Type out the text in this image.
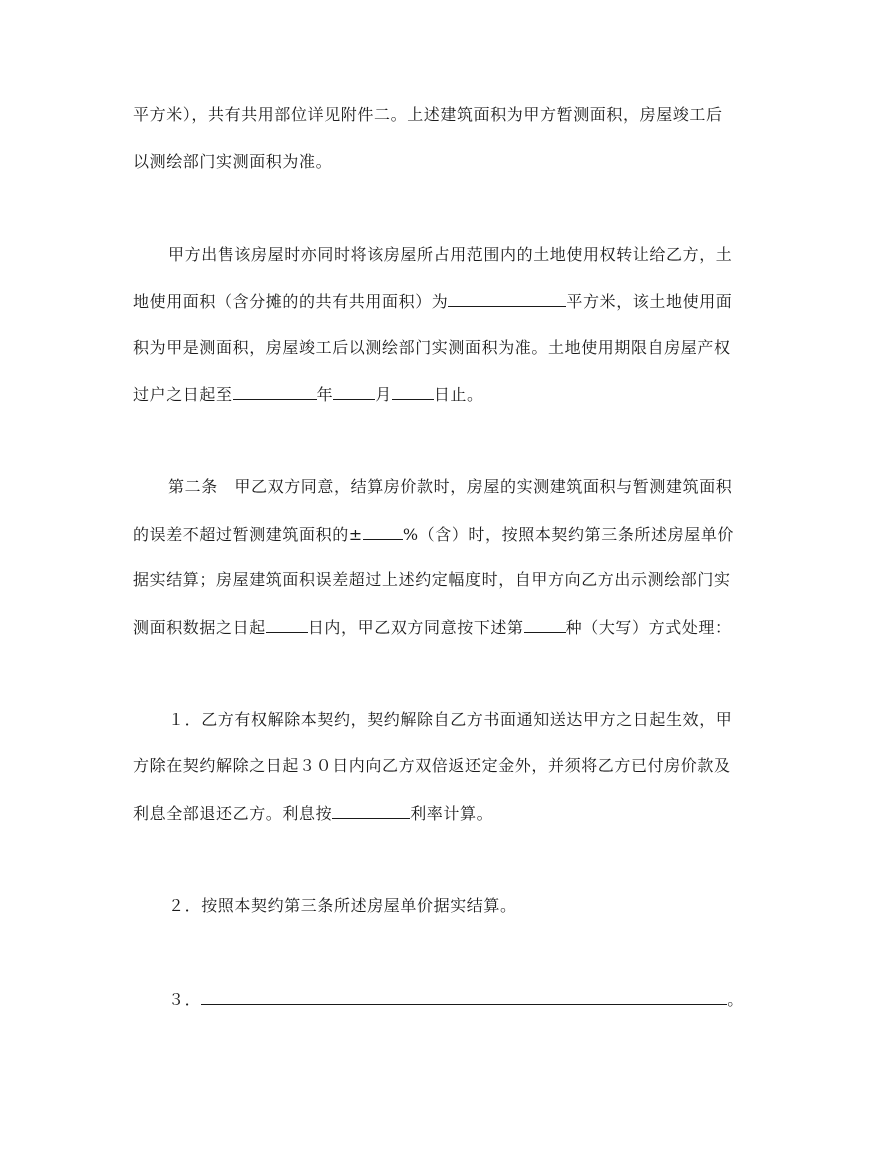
平方米），共有共用部位详见附件二。上述建筑面积为甲方暂测面积，房屋竣工后
以测绘部门实测面积为准。
甲方出售该房屋时亦同时将该房屋所占用范围内的土地使用权转让给乙方，土
地使用面积（含分摊的的共有共用面积）为	平方米，该土地使用面
积为甲是测面积，房屋竣工后以测绘部门实测面积为准。土地使用期限自房屋产权
过户之日起至	年	月	日止。
第二条　甲乙双方同意，结算房价款时，房屋的实测建筑面积与暂测建筑面积
的误差不超过暂测建筑面积的±	%（含）时，按照本契约第三条所述房屋单价
据实结算；房屋建筑面积误差超过上述约定幅度时，自甲方向乙方出示测绘部门实
测面积数据之日起	日内，甲乙双方同意按下述第	种（大写）方式处理：
１．乙方有权解除本契约，契约解除自乙方书面通知送达甲方之日起生效，甲
方除在契约解除之日起３０日内向乙方双倍返还定金外，并须将乙方已付房价款及
利息全部退还乙方。利息按	利率计算。
２．按照本契约第三条所述房屋单价据实结算。
３．	。
